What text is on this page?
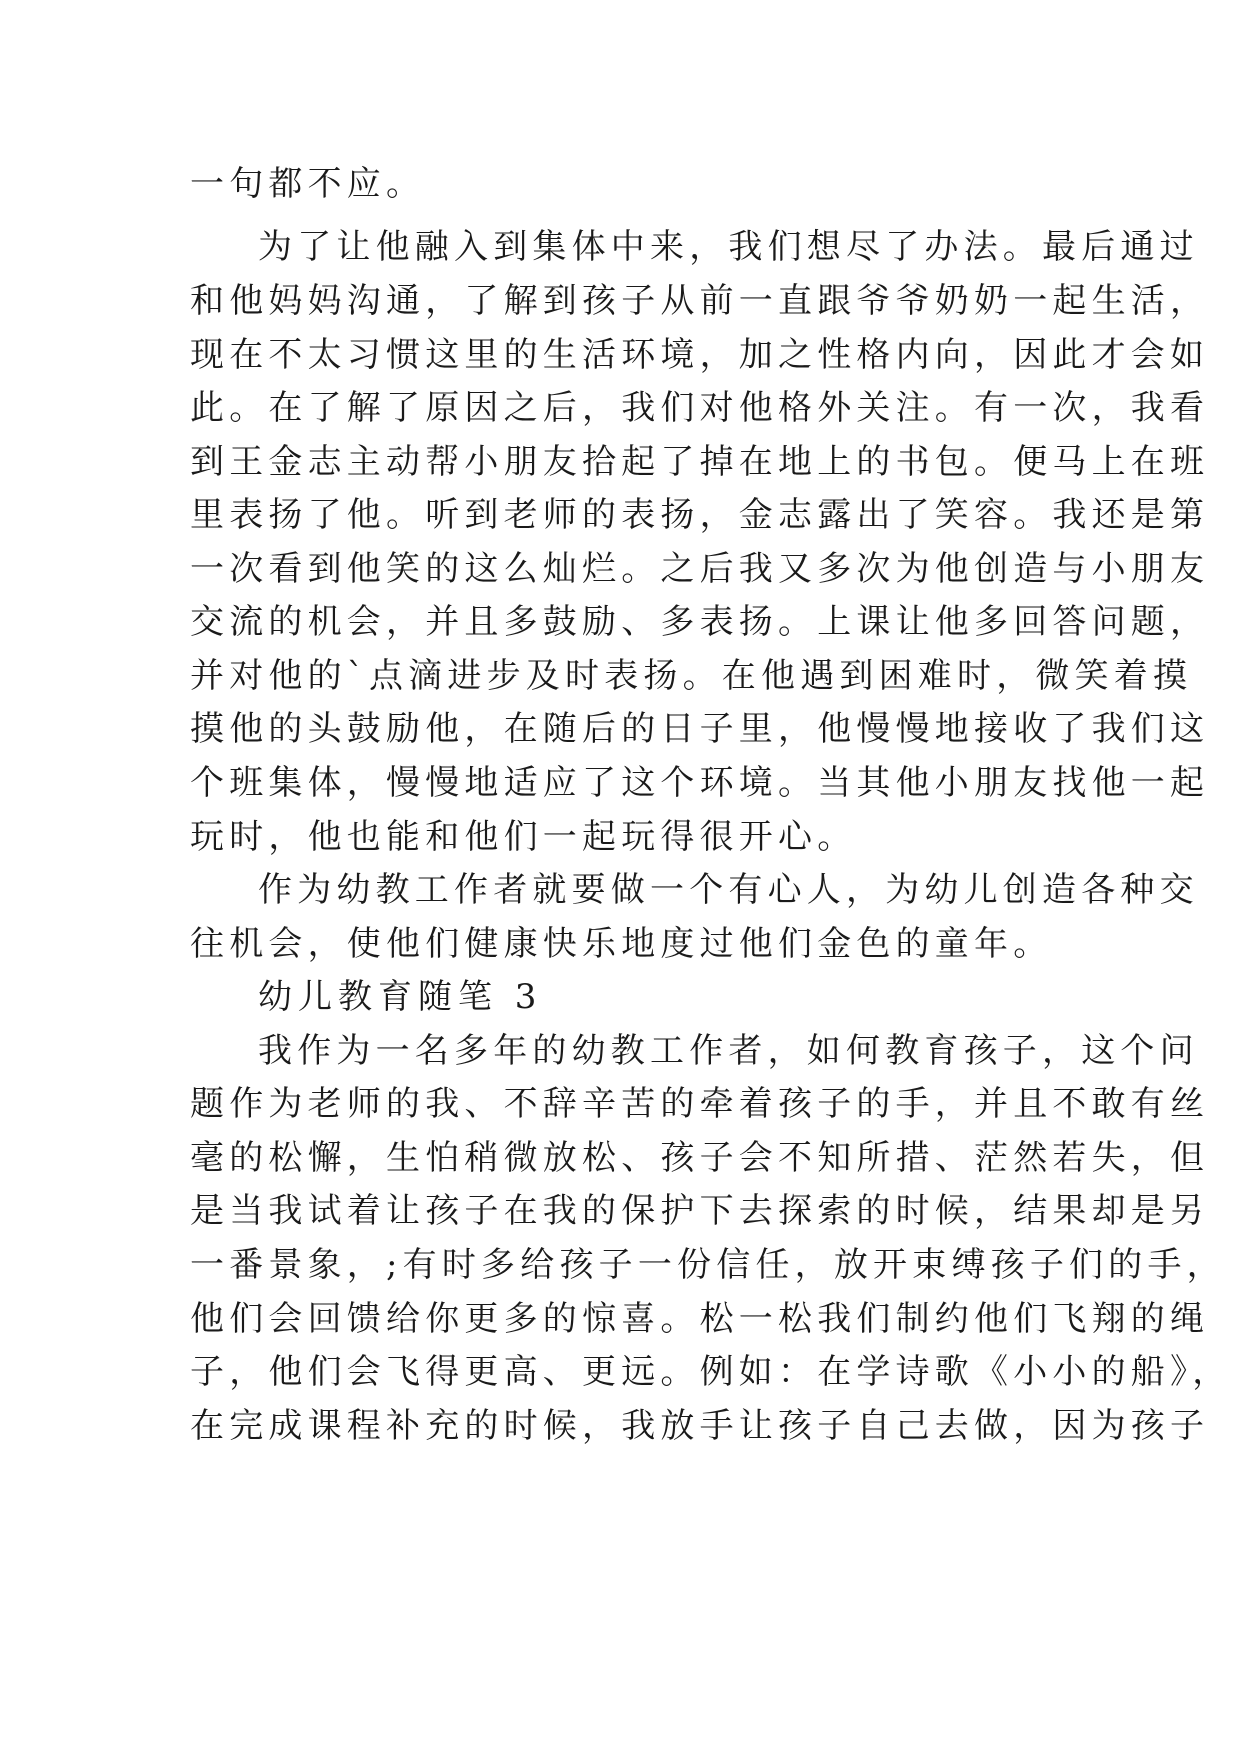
一句都不应。
为了让他融入到集体中来，我们想尽了办法。最后通过
和他妈妈沟通，了解到孩子从前一直跟爷爷奶奶一起生活，
现在不太习惯这里的生活环境，加之性格内向，因此才会如
此。在了解了原因之后，我们对他格外关注。有一次，我看
到王金志主动帮小朋友拾起了掉在地上的书包。便马上在班
里表扬了他。听到老师的表扬，金志露出了笑容。我还是第
一次看到他笑的这么灿烂。之后我又多次为他创造与小朋友
交流的机会，并且多鼓励、多表扬。上课让他多回答问题，
并对他的`点滴进步及时表扬。在他遇到困难时，微笑着摸
摸他的头鼓励他，在随后的日子里，他慢慢地接收了我们这
个班集体，慢慢地适应了这个环境。当其他小朋友找他一起
玩时，他也能和他们一起玩得很开心。
作为幼教工作者就要做一个有心人，为幼儿创造各种交
往机会，使他们健康快乐地度过他们金色的童年。
幼儿教育随笔 3
我作为一名多年的幼教工作者，如何教育孩子，这个问
题作为老师的我、不辞辛苦的牵着孩子的手，并且不敢有丝
毫的松懈，生怕稍微放松、孩子会不知所措、茫然若失，但
是当我试着让孩子在我的保护下去探索的时候，结果却是另
一番景象，;有时多给孩子一份信任，放开束缚孩子们的手，
他们会回馈给你更多的惊喜。松一松我们制约他们飞翔的绳
子，他们会飞得更高、更远。例如：在学诗歌《小小的船》，
在完成课程补充的时候，我放手让孩子自己去做，因为孩子
